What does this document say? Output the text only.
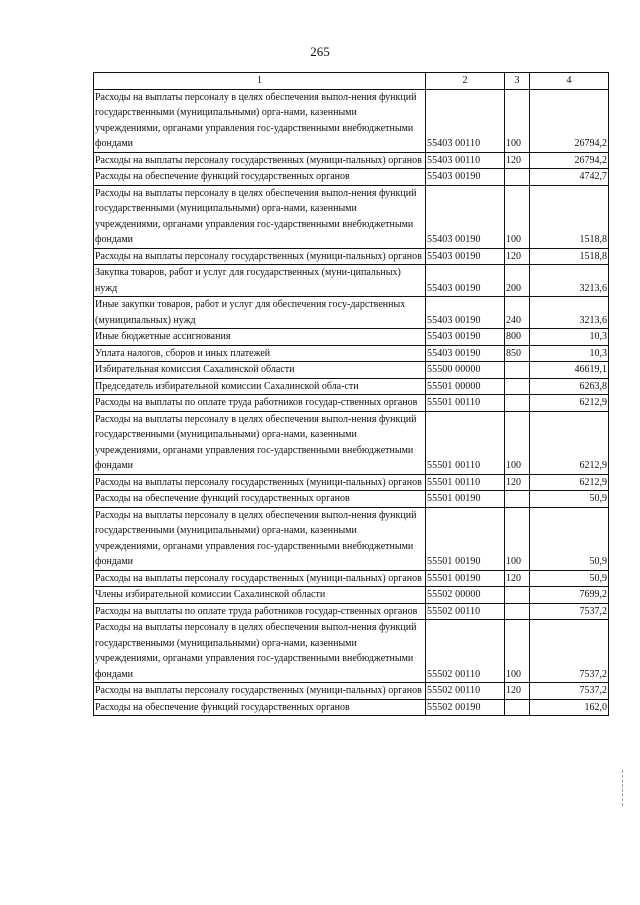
265
1	2	3	4
Расходы на выплаты персоналу в целях обеспечения выпол-нения функций государственными (муниципальными) орга-нами, казенными учреждениями, органами управления гос-ударственными внебюджетными фондами	55403 00110	100	26794,2
Расходы на выплаты персоналу государственных (муници-пальных) органов	55403 00110	120	26794,2
Расходы на обеспечение функций государственных органов	55403 00190		4742,7
Расходы на выплаты персоналу в целях обеспечения выпол-нения функций государственными (муниципальными) орга-нами, казенными учреждениями, органами управления гос-ударственными внебюджетными фондами	55403 00190	100	1518,8
Расходы на выплаты персоналу государственных (муници-пальных) органов	55403 00190	120	1518,8
Закупка товаров, работ и услуг для государственных (муни-ципальных) нужд	55403 00190	200	3213,6
Иные закупки товаров, работ и услуг для обеспечения госу-дарственных (муниципальных) нужд	55403 00190	240	3213,6
Иные бюджетные ассигнования	55403 00190	800	10,3
Уплата налогов, сборов и иных платежей	55403 00190	850	10,3
Избирательная комиссия Сахалинской области	55500 00000		46619,1
Председатель избирательной комиссии Сахалинской обла-сти	55501 00000		6263,8
Расходы на выплаты по оплате труда работников государ-ственных органов	55501 00110		6212,9
Расходы на выплаты персоналу в целях обеспечения выпол-нения функций государственными (муниципальными) орга-нами, казенными учреждениями, органами управления гос-ударственными внебюджетными фондами	55501 00110	100	6212,9
Расходы на выплаты персоналу государственных (муници-пальных) органов	55501 00110	120	6212,9
Расходы на обеспечение функций государственных органов	55501 00190		50,9
Расходы на выплаты персоналу в целях обеспечения выпол-нения функций государственными (муниципальными) орга-нами, казенными учреждениями, органами управления гос-ударственными внебюджетными фондами	55501 00190	100	50,9
Расходы на выплаты персоналу государственных (муници-пальных) органов	55501 00190	120	50,9
Члены избирательной комиссии Сахалинской области	55502 00000		7699,2
Расходы на выплаты по оплате труда работников государ-ственных органов	55502 00110		7537,2
Расходы на выплаты персоналу в целях обеспечения выпол-нения функций государственными (муниципальными) орга-нами, казенными учреждениями, органами управления гос-ударственными внебюджетными фондами	55502 00110	100	7537,2
Расходы на выплаты персоналу государственных (муници-пальных) органов	55502 00110	120	7537,2
Расходы на обеспечение функций государственных органов	55502 00190		162,0
